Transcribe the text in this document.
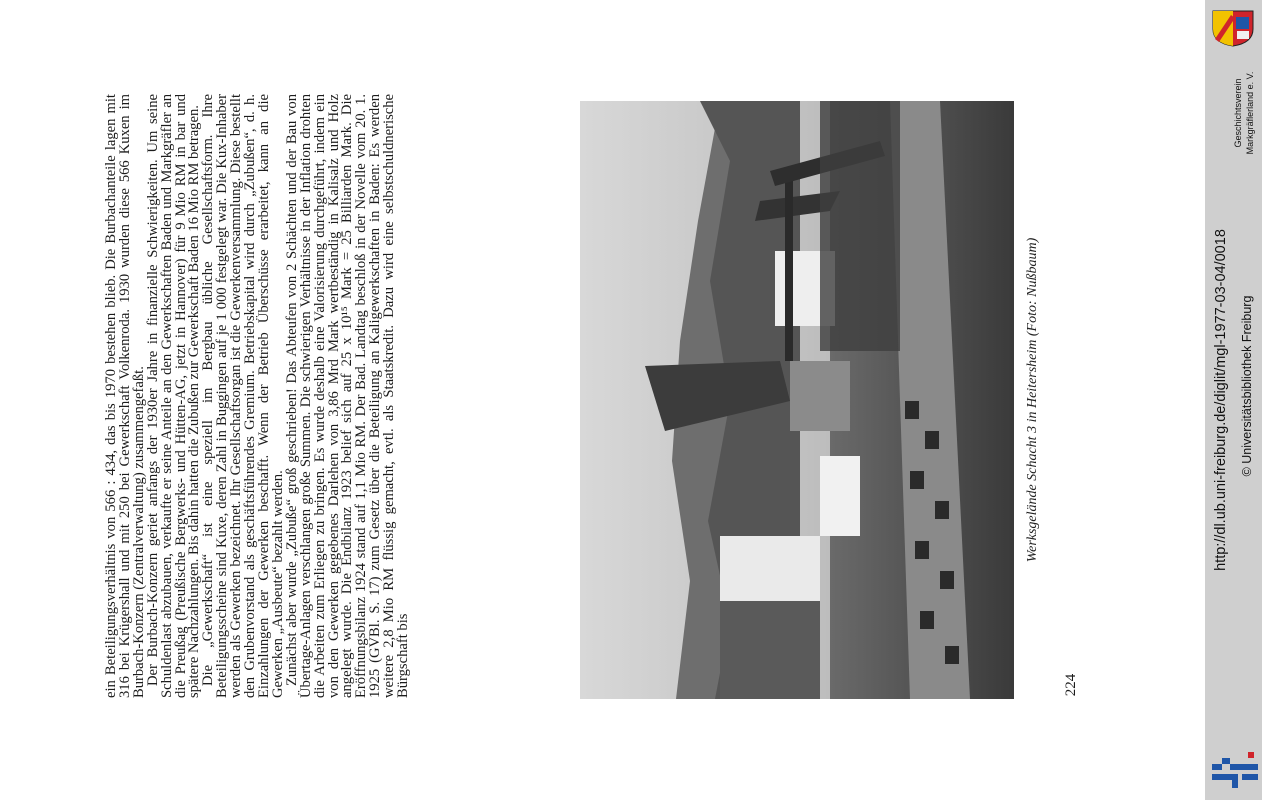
ein Beteiligungsverhältnis von 566 : 434, das bis 1970 bestehen blieb. Die Burbachanteile lagen mit 316 bei Krügershall und mit 250 bei Gewerkschaft Volkenroda. 1930 wurden diese 566 Kuxen im Burbach-Konzern (Zentralverwaltung) zusammengefaßt.

Der Burbach-Konzern geriet anfangs der 1930er Jahre in finanzielle Schwierigkeiten. Um seine Schuldenlast abzubauen, verkaufte er seine Anteile an den Gewerkschaften Baden und Markgräfler an die Preußag (Preußische Bergwerks- und Hütten-AG, jetzt in Hannover) für 9 Mio RM in bar und spätere Nachzahlungen. Bis dahin hatten die Zubußen zur Gewerkschaft Baden 16 Mio RM betragen.

Die „Gewerkschaft“ ist eine speziell im Bergbau übliche Gesellschaftsform. Ihre Beteiligungsscheine sind Kuxe, deren Zahl in Buggingen auf je 1 000 festgelegt war. Die Kux-Inhaber werden als Gewerken bezeichnet. Ihr Gesellschaftsorgan ist die Gewerkenversammlung. Diese bestellt den Grubenvorstand als geschäftsführendes Gremium. Betriebskapital wird durch „Zubußen“, d. h. Einzahlungen der Gewerken beschafft. Wenn der Betrieb Überschüsse erarbeitet, kann an die Gewerken „Ausbeute“ bezahlt werden.

Zunächst aber wurde „Zubuße“ groß geschrieben! Das Abteufen von 2 Schächten und der Bau von Übertage-Anlagen verschlangen große Summen. Die schwierigen Verhältnisse in der Inflation drohten die Arbeiten zum Erliegen zu bringen. Es wurde deshalb eine Valorisierung durchgeführt, indem ein von den Gewerken gegebenes Darlehen von 3,86 Mrd Mark wertbeständig in Kalisalz und Holz angelegt wurde. Die Endbilanz 1923 belief sich auf 25 x 10¹⁵ Mark = 25 Billiarden Mark. Die Eröffnungsbilanz 1924 stand auf 1,1 Mio RM. Der Bad. Landtag beschloß in der Novelle vom 20. 1. 1925 (GVBl. S. 17) zum Gesetz über die Beteiligung an Kaligewerkschaften in Baden: Es werden weitere 2,8 Mio RM flüssig gemacht, evtl. als Staatskredit. Dazu wird eine selbstschuldnerische Bürgschaft bis

Werksgelände Schacht 3 in Heitersheim (Foto: Nußbaum)
224
Geschichtsverein Markgräflerland e. V.
http://dl.ub.uni-freiburg.de/diglit/mgl-1977-03-04/0018 © Universitätsbibliothek Freiburg
